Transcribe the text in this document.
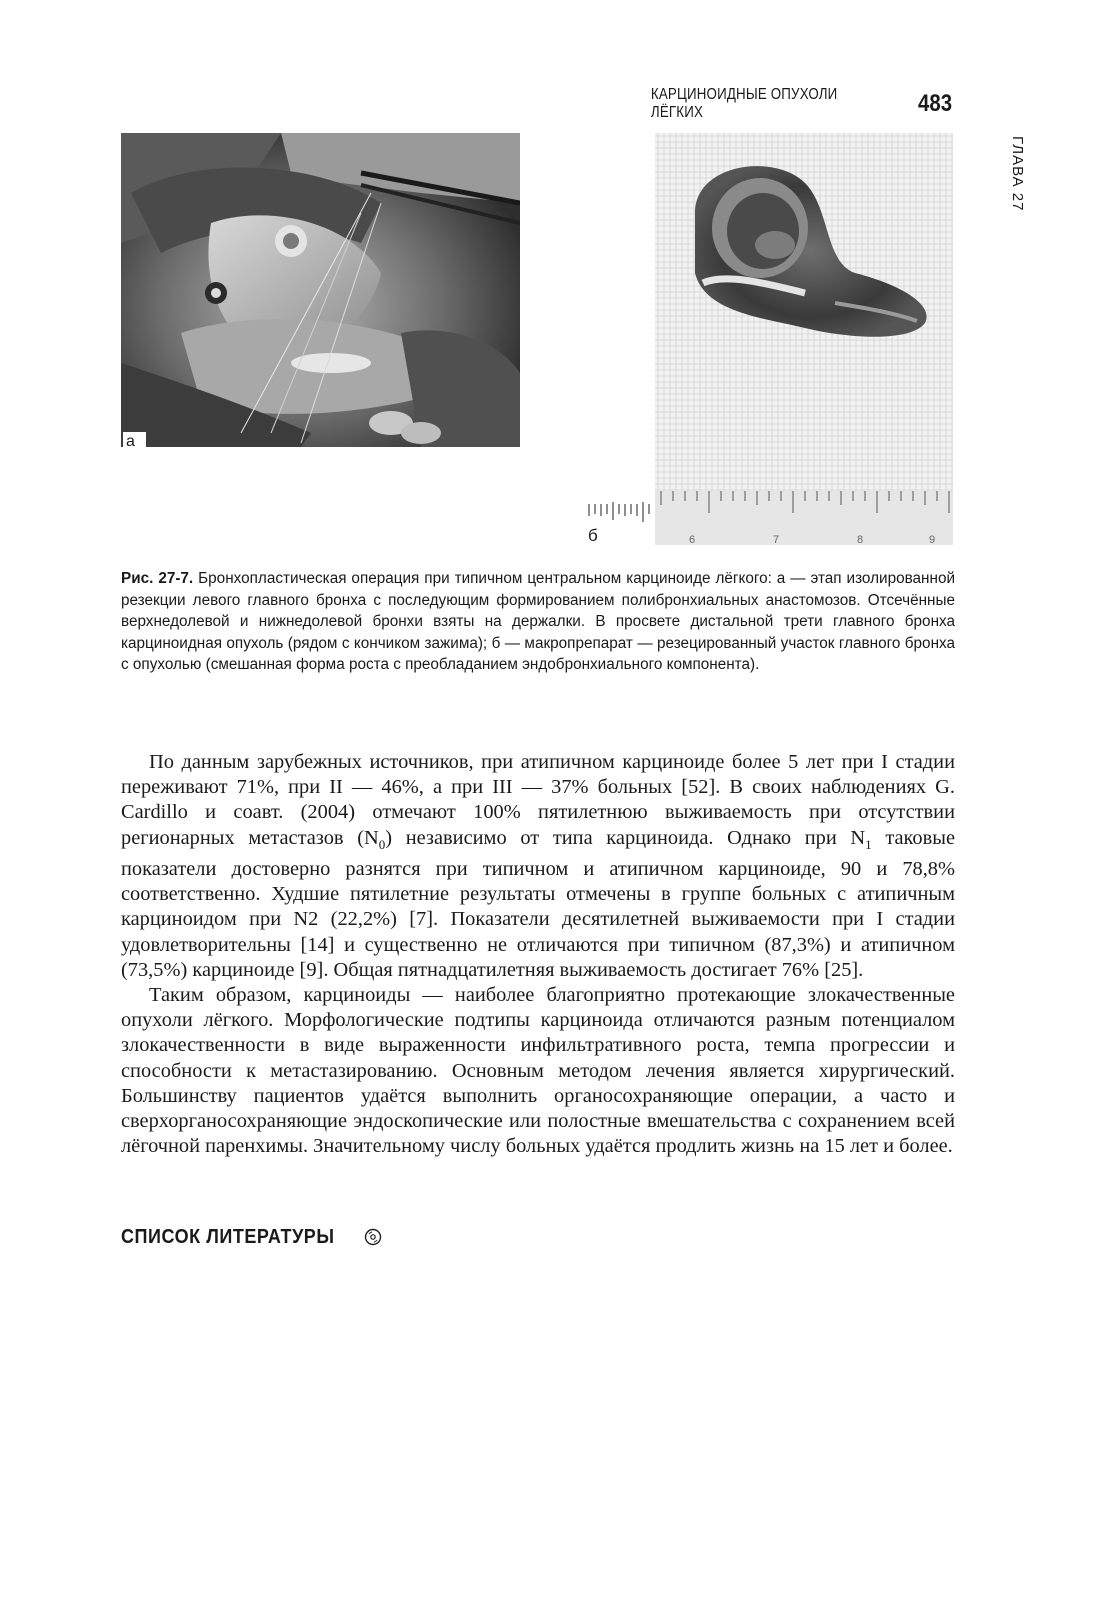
КАРЦИНОИДНЫЕ ОПУХОЛИ ЛЁГКИХ	483
ГЛАВА 27
а
6	7	8	9
б
Рис. 27-7. Бронхопластическая операция при типичном центральном карциноиде лёгкого: а — этап изолированной резекции левого главного бронха с последующим формированием полибронхиальных анастомозов. Отсечённые верхнедолевой и нижнедолевой бронхи взяты на держалки. В просвете дистальной трети главного бронха карциноидная опухоль (рядом с кончиком зажима); б — макропрепарат — резецированный участок главного бронха с опухолью (смешанная форма роста с преобладанием эндобронхиального компонента).

По данным зарубежных источников, при атипичном карциноиде более 5 лет при I стадии переживают 71%, при II — 46%, а при III — 37% больных [52]. В своих наблюдениях G. Cardillo и соавт. (2004) отмечают 100% пятилетнюю выживаемость при отсутствии регионарных метастазов $(N_0)$ независимо от типа карциноида. Однако при $N_1$ таковые показатели достоверно разнятся при типичном и атипичном карциноиде, 90 и 78,8% соответственно. Худшие пятилетние результаты отмечены в группе больных с атипичным карциноидом при N2 (22,2%) [7]. Показатели десятилетней выживаемости при I стадии удовлетворительны [14] и существенно не отличаются при типичном (87,3%) и атипичном (73,5%) карциноиде [9]. Общая пятнадцатилетняя выживаемость достигает 76% [25].

Таким образом, карциноиды — наиболее благоприятно протекающие злокачественные опухоли лёгкого. Морфологические подтипы карциноида отличаются разным потенциалом злокачественности в виде выраженности инфильтративного роста, темпа прогрессии и способности к метастазированию. Основным методом лечения является хирургический. Большинству пациентов удаётся выполнить органосохраняющие операции, а часто и сверхорганосохраняющие эндоскопические или полостные вмешательства с сохранением всей лёгочной паренхимы. Значительному числу больных удаётся продлить жизнь на 15 лет и более.

СПИСОК ЛИТЕРАТУРЫ
